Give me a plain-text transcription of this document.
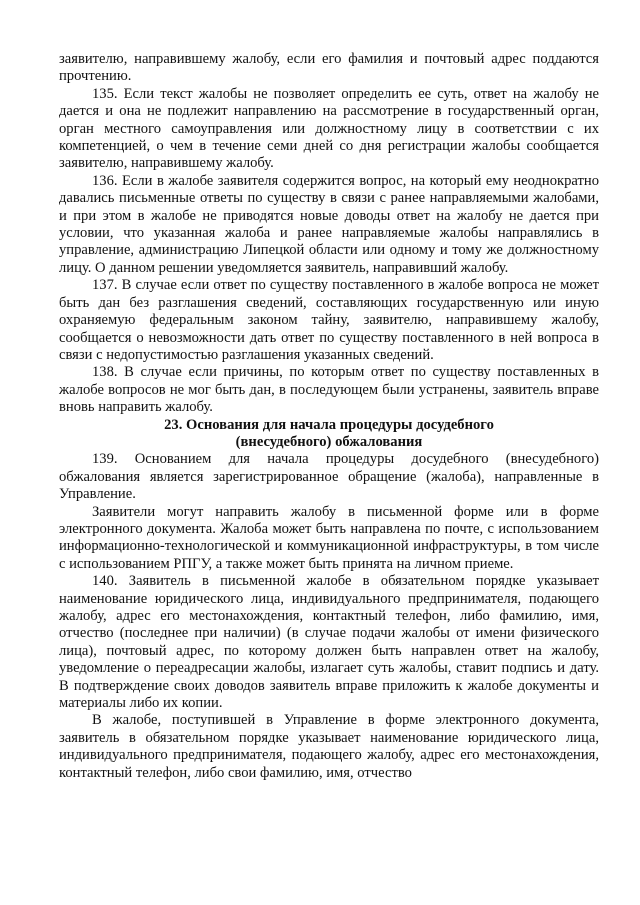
заявителю, направившему жалобу, если его фамилия и почтовый адрес поддаются прочтению.

135. Если текст жалобы не позволяет определить ее суть, ответ на жалобу не дается и она не подлежит направлению на рассмотрение в государственный орган, орган местного самоуправления или должностному лицу в соответствии с их компетенцией, о чем в течение семи дней со дня регистрации жалобы сообщается заявителю, направившему жалобу.

136. Если в жалобе заявителя содержится вопрос, на который ему неоднократно давались письменные ответы по существу в связи с ранее направляемыми жалобами, и при этом в жалобе не приводятся новые доводы ответ на жалобу не дается при условии, что указанная жалоба и ранее направляемые жалобы направлялись в управление, администрацию Липецкой области или одному и тому же должностному лицу. О данном решении уведомляется заявитель, направивший жалобу.

137. В случае если ответ по существу поставленного в жалобе вопроса не может быть дан без разглашения сведений, составляющих государственную или иную охраняемую федеральным законом тайну, заявителю, направившему жалобу, сообщается о невозможности дать ответ по существу поставленного в ней вопроса в связи с недопустимостью разглашения указанных сведений.

138. В случае если причины, по которым ответ по существу поставленных в жалобе вопросов не мог быть дан, в последующем были устранены, заявитель вправе вновь направить жалобу.

23. Основания для начала процедуры досудебного
(внесудебного) обжалования

139. Основанием для начала процедуры досудебного (внесудебного) обжалования является зарегистрированное обращение (жалоба), направленные в Управление.

Заявители могут направить жалобу в письменной форме или в форме электронного документа. Жалоба может быть направлена по почте, с использованием информационно-технологической и коммуникационной инфраструктуры, в том числе с использованием РПГУ, а также может быть принята на личном приеме.

140. Заявитель в письменной жалобе в обязательном порядке указывает наименование юридического лица, индивидуального предпринимателя, подающего жалобу, адрес его местонахождения, контактный телефон, либо фамилию, имя, отчество (последнее при наличии) (в случае подачи жалобы от имени физического лица), почтовый адрес, по которому должен быть направлен ответ на жалобу, уведомление о переадресации жалобы, излагает суть жалобы, ставит подпись и дату. В подтверждение своих доводов заявитель вправе приложить к жалобе документы и материалы либо их копии.

В жалобе, поступившей в Управление в форме электронного документа, заявитель в обязательном порядке указывает наименование юридического лица, индивидуального предпринимателя, подающего жалобу, адрес его местонахождения, контактный телефон, либо свои фамилию, имя, отчество
